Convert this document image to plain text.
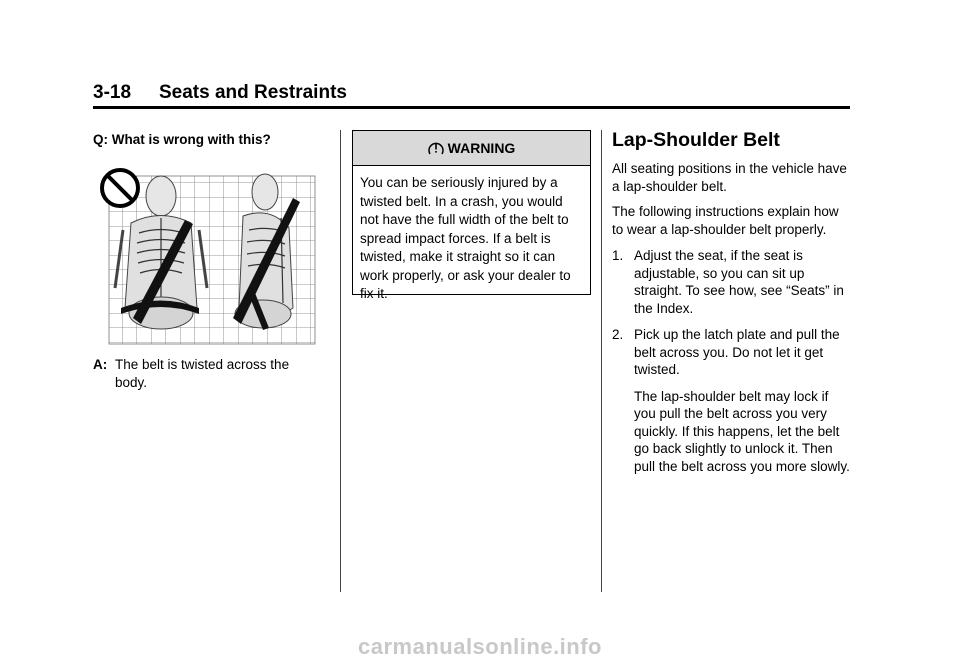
3-18 Seats and Restraints
Q: What is wrong with this?
A: The belt is twisted across the body.
WARNING
You can be seriously injured by a twisted belt. In a crash, you would not have the full width of the belt to spread impact forces. If a belt is twisted, make it straight so it can work properly, or ask your dealer to fix it.
Lap-Shoulder Belt

All seating positions in the vehicle have a lap-shoulder belt.

The following instructions explain how to wear a lap-shoulder belt properly.

1. Adjust the seat, if the seat is adjustable, so you can sit up straight. To see how, see “Seats” in the Index.
2. Pick up the latch plate and pull the belt across you. Do not let it get twisted.
The lap-shoulder belt may lock if you pull the belt across you very quickly. If this happens, let the belt go back slightly to unlock it. Then pull the belt across you more slowly.
carmanualsonline.info
